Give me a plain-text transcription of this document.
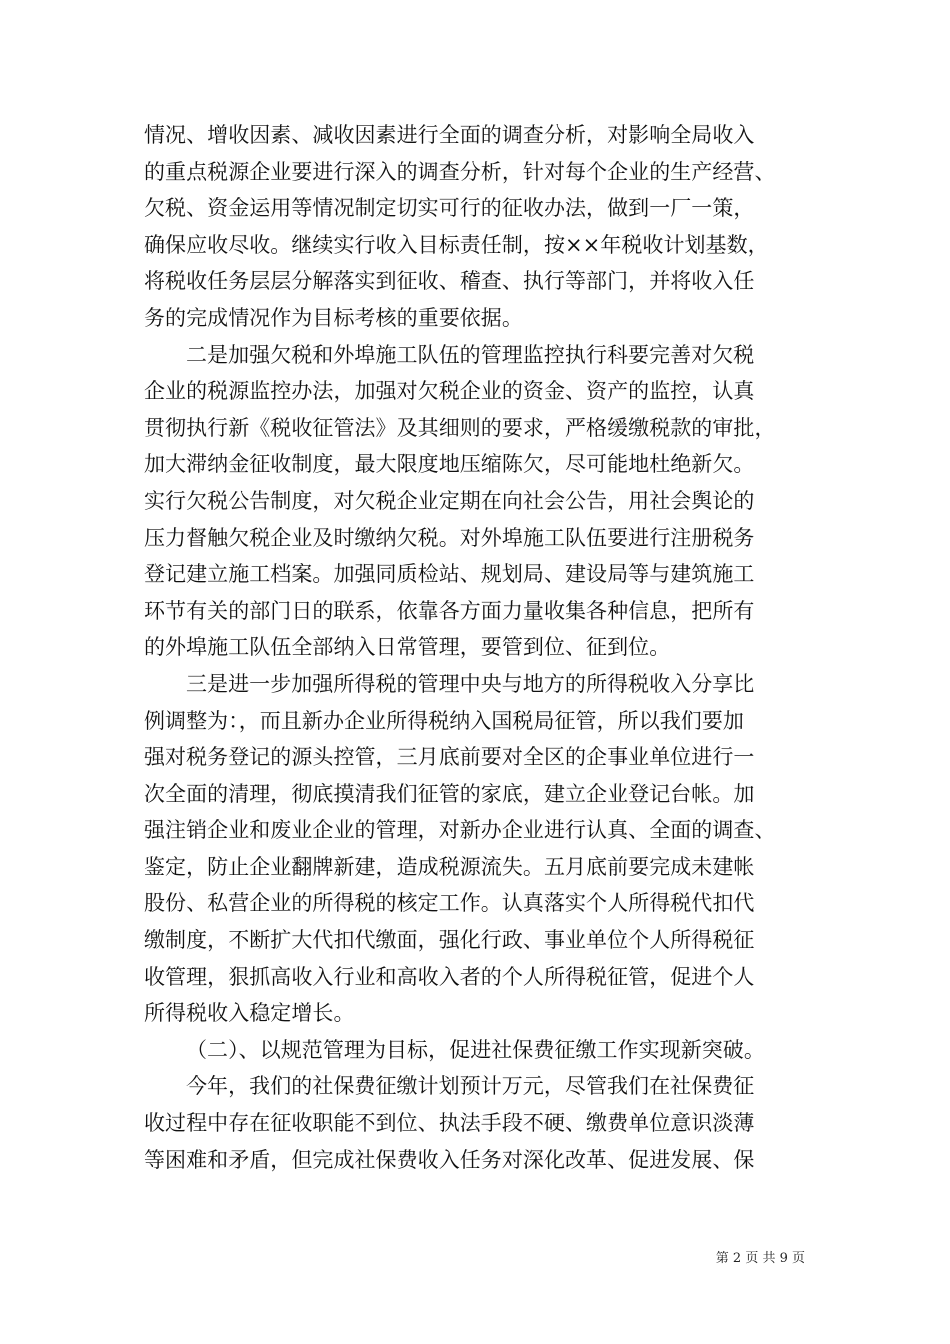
情况、增收因素、减收因素进行全面的调查分析，对影响全局收入
的重点税源企业要进行深入的调查分析，针对每个企业的生产经营、
欠税、资金运用等情况制定切实可行的征收办法，做到一厂一策，
确保应收尽收。继续实行收入目标责任制，按××年税收计划基数，
将税收任务层层分解落实到征收、稽查、执行等部门，并将收入任
务的完成情况作为目标考核的重要依据。
二是加强欠税和外埠施工队伍的管理监控执行科要完善对欠税
企业的税源监控办法，加强对欠税企业的资金、资产的监控，认真
贯彻执行新《税收征管法》及其细则的要求，严格缓缴税款的审批，
加大滞纳金征收制度，最大限度地压缩陈欠，尽可能地杜绝新欠。
实行欠税公告制度，对欠税企业定期在向社会公告，用社会舆论的
压力督触欠税企业及时缴纳欠税。对外埠施工队伍要进行注册税务
登记建立施工档案。加强同质检站、规划局、建设局等与建筑施工
环节有关的部门日的联系，依靠各方面力量收集各种信息，把所有
的外埠施工队伍全部纳入日常管理，要管到位、征到位。
三是进一步加强所得税的管理中央与地方的所得税收入分享比
例调整为：，而且新办企业所得税纳入国税局征管，所以我们要加
强对税务登记的源头控管，三月底前要对全区的企事业单位进行一
次全面的清理，彻底摸清我们征管的家底，建立企业登记台帐。加
强注销企业和废业企业的管理，对新办企业进行认真、全面的调查、
鉴定，防止企业翻牌新建，造成税源流失。五月底前要完成未建帐
股份、私营企业的所得税的核定工作。认真落实个人所得税代扣代
缴制度，不断扩大代扣代缴面，强化行政、事业单位个人所得税征
收管理，狠抓高收入行业和高收入者的个人所得税征管，促进个人
所得税收入稳定增长。
（二）、以规范管理为目标，促进社保费征缴工作实现新突破。
今年，我们的社保费征缴计划预计万元，尽管我们在社保费征
收过程中存在征收职能不到位、执法手段不硬、缴费单位意识淡薄
等困难和矛盾，但完成社保费收入任务对深化改革、促进发展、保
第 2 页 共 9 页
